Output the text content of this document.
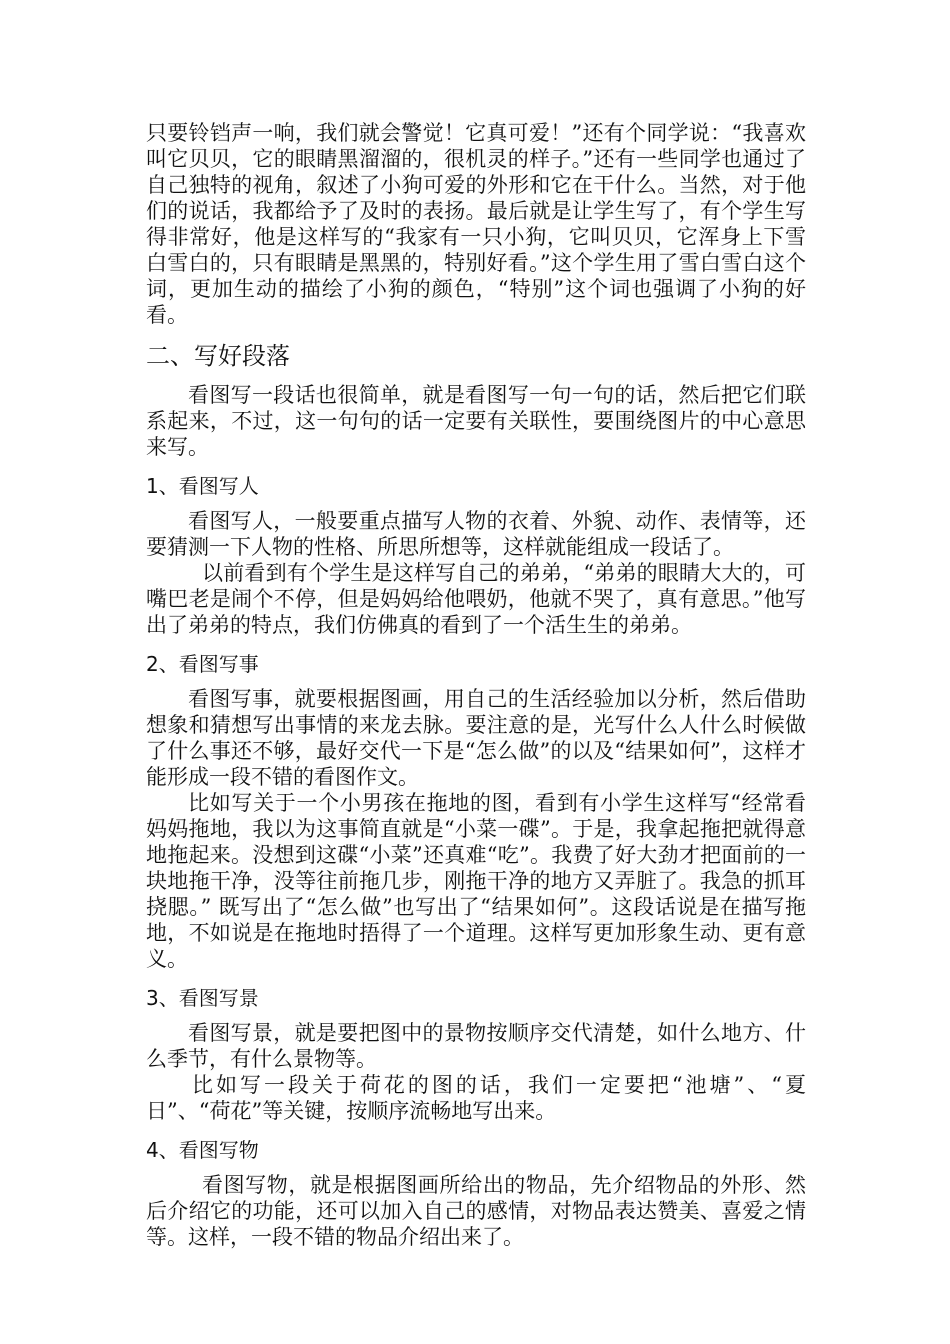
只要铃铛声一响，我们就会警觉！它真可爱！”还有个同学说：“我喜欢叫它贝贝，它的眼睛黑溜溜的，很机灵的样子。”还有一些同学也通过了自己独特的视角，叙述了小狗可爱的外形和它在干什么。当然，对于他们的说话，我都给予了及时的表扬。最后就是让学生写了，有个学生写得非常好，他是这样写的“我家有一只小狗，它叫贝贝，它浑身上下雪白雪白的，只有眼睛是黑黑的，特别好看。”这个学生用了雪白雪白这个词，更加生动的描绘了小狗的颜色，“特别”这个词也强调了小狗的好看。

二、写好段落

看图写一段话也很简单，就是看图写一句一句的话，然后把它们联系起来，不过，这一句句的话一定要有关联性，要围绕图片的中心意思来写。

1、看图写人

看图写人，一般要重点描写人物的衣着、外貌、动作、表情等，还要猜测一下人物的性格、所思所想等，这样就能组成一段话了。

以前看到有个学生是这样写自己的弟弟，“弟弟的眼睛大大的，可嘴巴老是闹个不停，但是妈妈给他喂奶，他就不哭了，真有意思。”他写出了弟弟的特点，我们仿佛真的看到了一个活生生的弟弟。

2、看图写事

看图写事，就要根据图画，用自己的生活经验加以分析，然后借助想象和猜想写出事情的来龙去脉。要注意的是，光写什么人什么时候做了什么事还不够，最好交代一下是“怎么做”的以及“结果如何”，这样才能形成一段不错的看图作文。

比如写关于一个小男孩在拖地的图，看到有小学生这样写“经常看妈妈拖地，我以为这事简直就是“小菜一碟”。于是，我拿起拖把就得意地拖起来。没想到这碟“小菜”还真难“吃”。我费了好大劲才把面前的一块地拖干净，没等往前拖几步，刚拖干净的地方又弄脏了。我急的抓耳挠腮。” 既写出了“怎么做”也写出了“结果如何”。这段话说是在描写拖地，不如说是在拖地时捂得了一个道理。这样写更加形象生动、更有意义。

3、看图写景

看图写景，就是要把图中的景物按顺序交代清楚，如什么地方、什么季节，有什么景物等。

比如写一段关于荷花的图的话，我们一定要把“池塘”、“夏日”、“荷花”等关键，按顺序流畅地写出来。

4、看图写物

看图写物，就是根据图画所给出的物品，先介绍物品的外形、然后介绍它的功能，还可以加入自己的感情，对物品表达赞美、喜爱之情等。这样，一段不错的物品介绍出来了。
